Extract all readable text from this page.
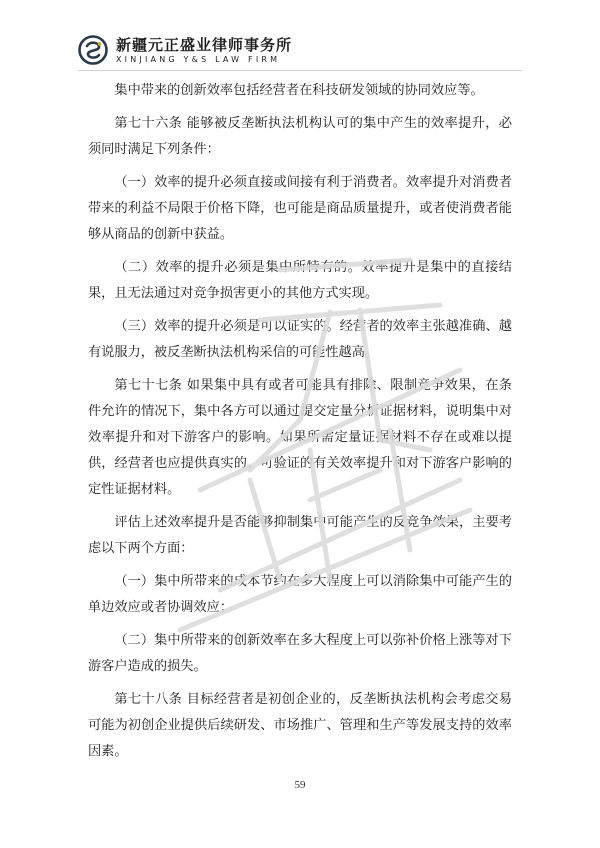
新疆元正盛业律师事务所
XINJIANG Y&S LAW FIRM

集中带来的创新效率包括经营者在科技研发领域的协同效应等。

第七十六条 能够被反垄断执法机构认可的集中产生的效率提升，必须同时满足下列条件：

（一）效率的提升必须直接或间接有利于消费者。效率提升对消费者带来的利益不局限于价格下降，也可能是商品质量提升，或者使消费者能够从商品的创新中获益。

（二）效率的提升必须是集中所特有的。效率提升是集中的直接结果，且无法通过对竞争损害更小的其他方式实现。

（三）效率的提升必须是可以证实的。经营者的效率主张越准确、越有说服力，被反垄断执法机构采信的可能性越高。

第七十七条 如果集中具有或者可能具有排除、限制竞争效果，在条件允许的情况下，集中各方可以通过提交定量分析证据材料，说明集中对效率提升和对下游客户的影响。如果所需定量证据材料不存在或难以提供，经营者也应提供真实的、可验证的有关效率提升和对下游客户影响的定性证据材料。

评估上述效率提升是否能够抑制集中可能产生的反竞争效果，主要考虑以下两个方面：

（一）集中所带来的成本节约在多大程度上可以消除集中可能产生的单边效应或者协调效应；

（二）集中所带来的创新效率在多大程度上可以弥补价格上涨等对下游客户造成的损失。

第七十八条 目标经营者是初创企业的，反垄断执法机构会考虑交易可能为初创企业提供后续研发、市场推广、管理和生产等发展支持的效率因素。

59
